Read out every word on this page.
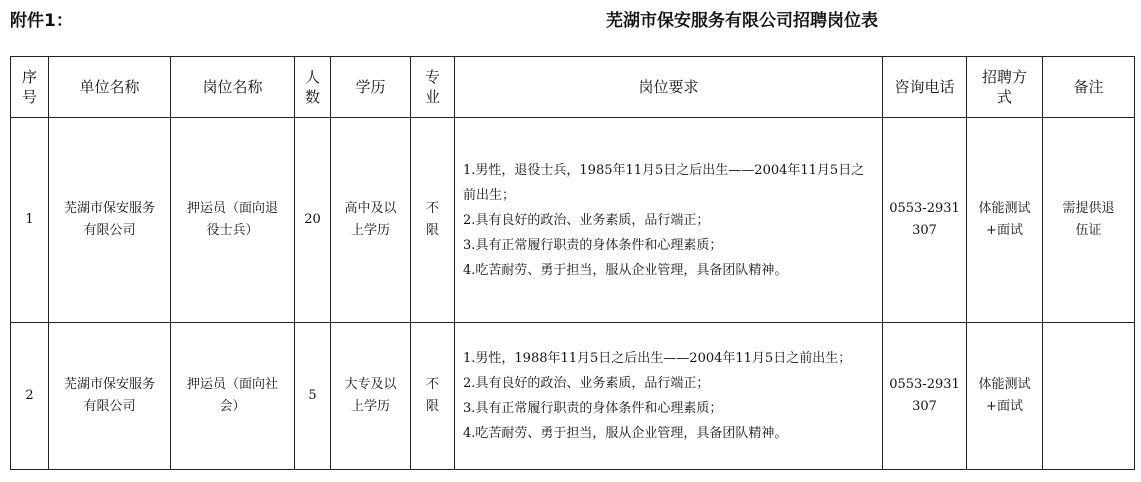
附件1：	芜湖市保安服务有限公司招聘岗位表
序号	单位名称	岗位名称	人数	学历	专业	岗位要求	咨询电话	招聘方式	备注
1	芜湖市保安服务有限公司	押运员（面向退役士兵）	20	高中及以上学历	不限	1.男性，退役士兵，1985年11月5日之后出生——2004年11月5日之前出生；
2.具有良好的政治、业务素质，品行端正；
3.具有正常履行职责的身体条件和心理素质；
4.吃苦耐劳、勇于担当，服从企业管理，具备团队精神。	0553-2931307	体能测试+面试	需提供退伍证
2	芜湖市保安服务有限公司	押运员（面向社会）	5	大专及以上学历	不限	1.男性，1988年11月5日之后出生——2004年11月5日之前出生；
2.具有良好的政治、业务素质，品行端正；
3.具有正常履行职责的身体条件和心理素质；
4.吃苦耐劳、勇于担当，服从企业管理，具备团队精神。	0553-2931307	体能测试+面试	
